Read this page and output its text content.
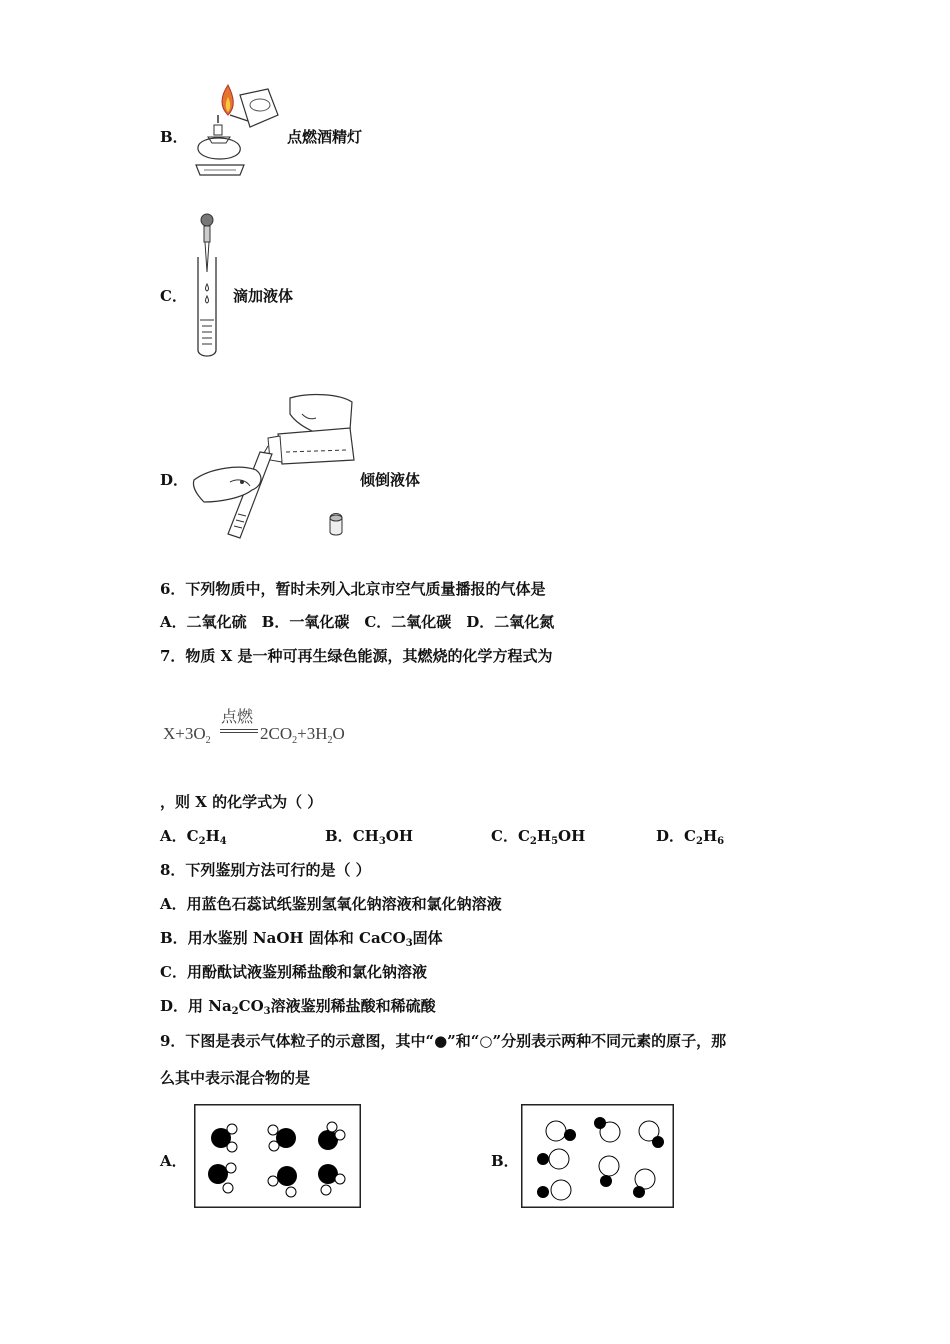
B．	点燃酒精灯
C．	滴加液体
D．	倾倒液体
6．下列物质中，暂时未列入北京市空气质量播报的气体是
A．二氧化硫　B．一氧化碳　C．二氧化碳　D．二氧化氮
7．物质 X 是一种可再生绿色能源，其燃烧的化学方程式为
$X+3O_2$
点燃
$2CO_2+3H_2O$
，则 X 的化学式为（ ）
A．$C_2H_4$	B．$CH_3OH$	C．$C_2H_5OH$	D．$C_2H_6$
8．下列鉴别方法可行的是（ ）
A．用蓝色石蕊试纸鉴别氢氧化钠溶液和氯化钠溶液
B．用水鉴别 NaOH 固体和 CaCO$_3$固体
C．用酚酞试液鉴别稀盐酸和氯化钠溶液
D．用 $Na_2CO_3$溶液鉴别稀盐酸和稀硫酸
9．下图是表示气体粒子的示意图，其中“●”和“○”分别表示两种不同元素的原子，那
么其中表示混合物的是
A．	B．
